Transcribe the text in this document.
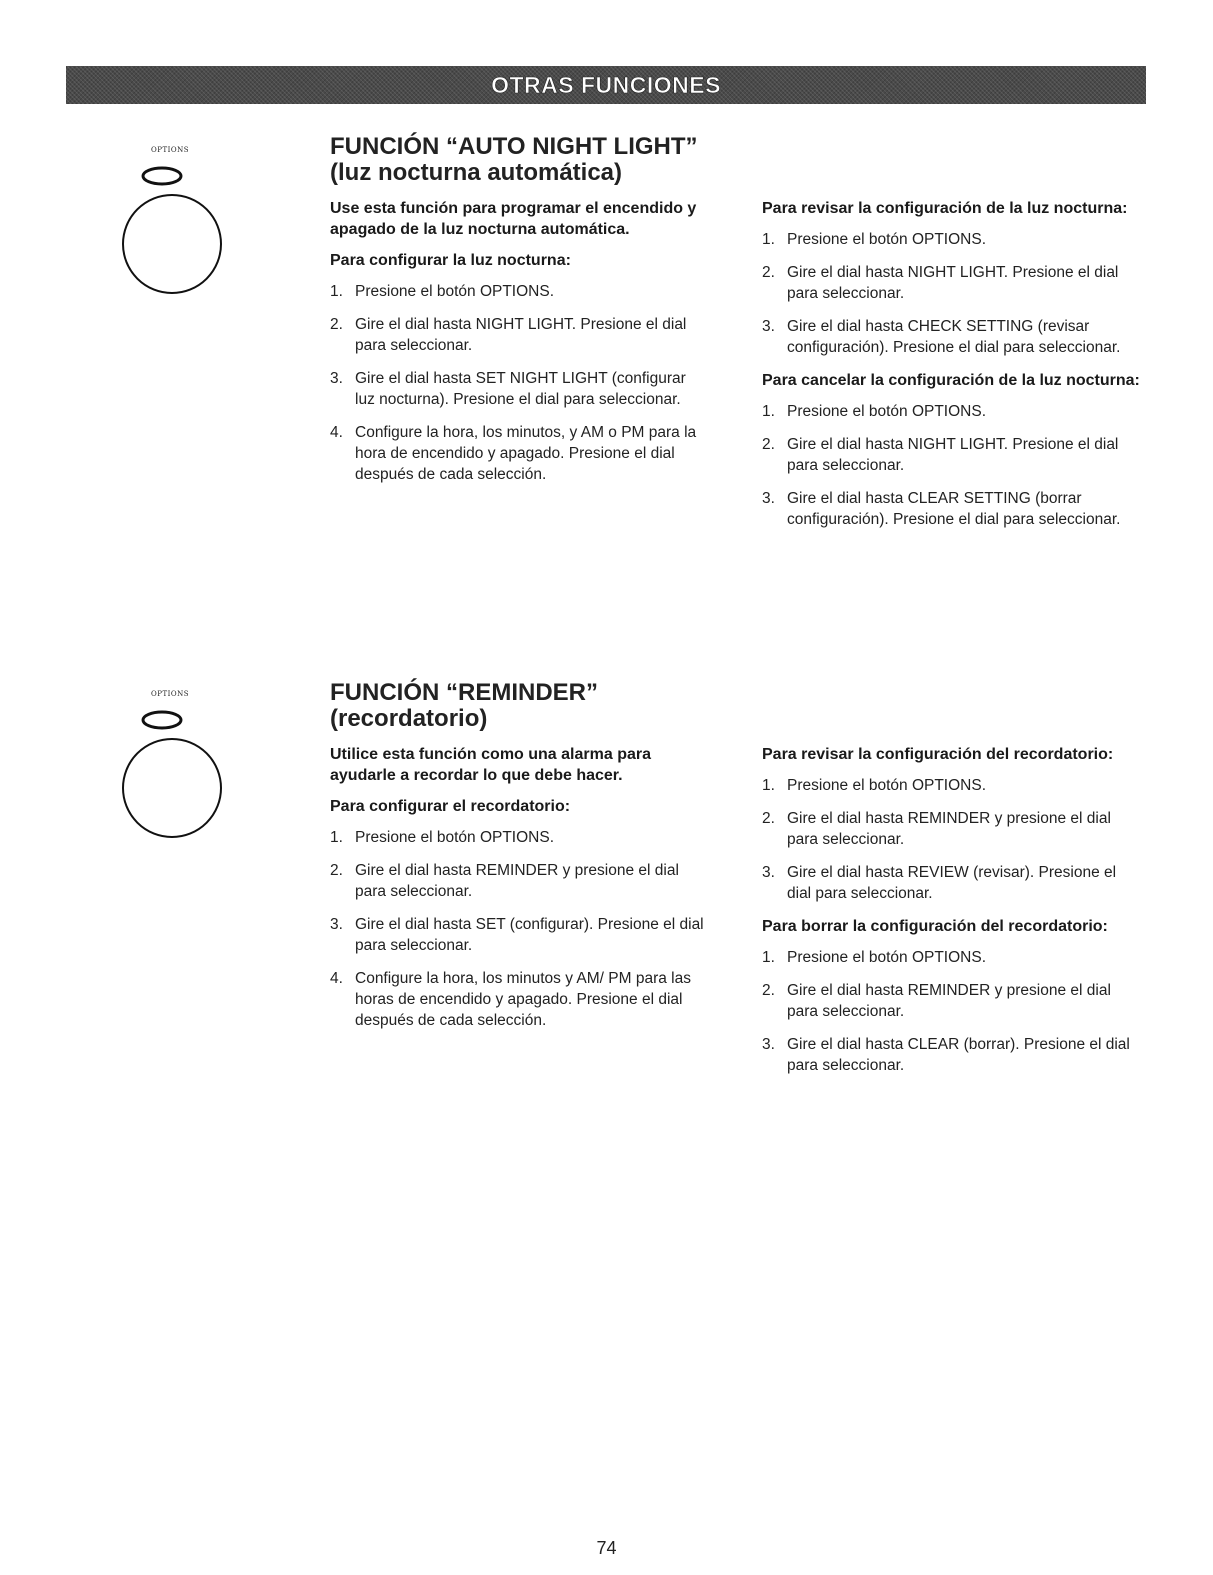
OTRAS FUNCIONES
OPTIONS	FUNCIÓN “AUTO NIGHT LIGHT”
(luz nocturna automática)

Use esta función para programar el encendido y apagado de la luz nocturna automática.

Para configurar la luz nocturna:

1. Presione el botón OPTIONS.
2. Gire el dial hasta NIGHT LIGHT. Presione el dial para seleccionar.
3. Gire el dial hasta SET NIGHT LIGHT (configurar luz nocturna). Presione el dial para seleccionar.
4. Configure la hora, los minutos, y AM o PM para la hora de encendido y apagado. Presione el dial después de cada selección.

Para revisar la configuración de la luz nocturna:

1. Presione el botón OPTIONS.
2. Gire el dial hasta NIGHT LIGHT. Presione el dial para seleccionar.
3. Gire el dial hasta CHECK SETTING (revisar configuración). Presione el dial para seleccionar.

Para cancelar la configuración de la luz nocturna:

1. Presione el botón OPTIONS.
2. Gire el dial hasta NIGHT LIGHT. Presione el dial para seleccionar.
3. Gire el dial hasta CLEAR SETTING (borrar configuración). Presione el dial para seleccionar.
OPTIONS	FUNCIÓN “REMINDER”
(recordatorio)

Utilice esta función como una alarma para ayudarle a recordar lo que debe hacer.

Para configurar el recordatorio:

1. Presione el botón OPTIONS.
2. Gire el dial hasta REMINDER y presione el dial para seleccionar.
3. Gire el dial hasta SET (configurar). Presione el dial para seleccionar.
4. Configure la hora, los minutos y AM/ PM para las horas de encendido y apagado. Presione el dial después de cada selección.

Para revisar la configuración del recordatorio:

1. Presione el botón OPTIONS.
2. Gire el dial hasta REMINDER y presione el dial para seleccionar.
3. Gire el dial hasta REVIEW (revisar). Presione el dial para seleccionar.

Para borrar la configuración del recordatorio:

1. Presione el botón OPTIONS.
2. Gire el dial hasta REMINDER y presione el dial para seleccionar.
3. Gire el dial hasta CLEAR (borrar). Presione el dial para seleccionar.
74
